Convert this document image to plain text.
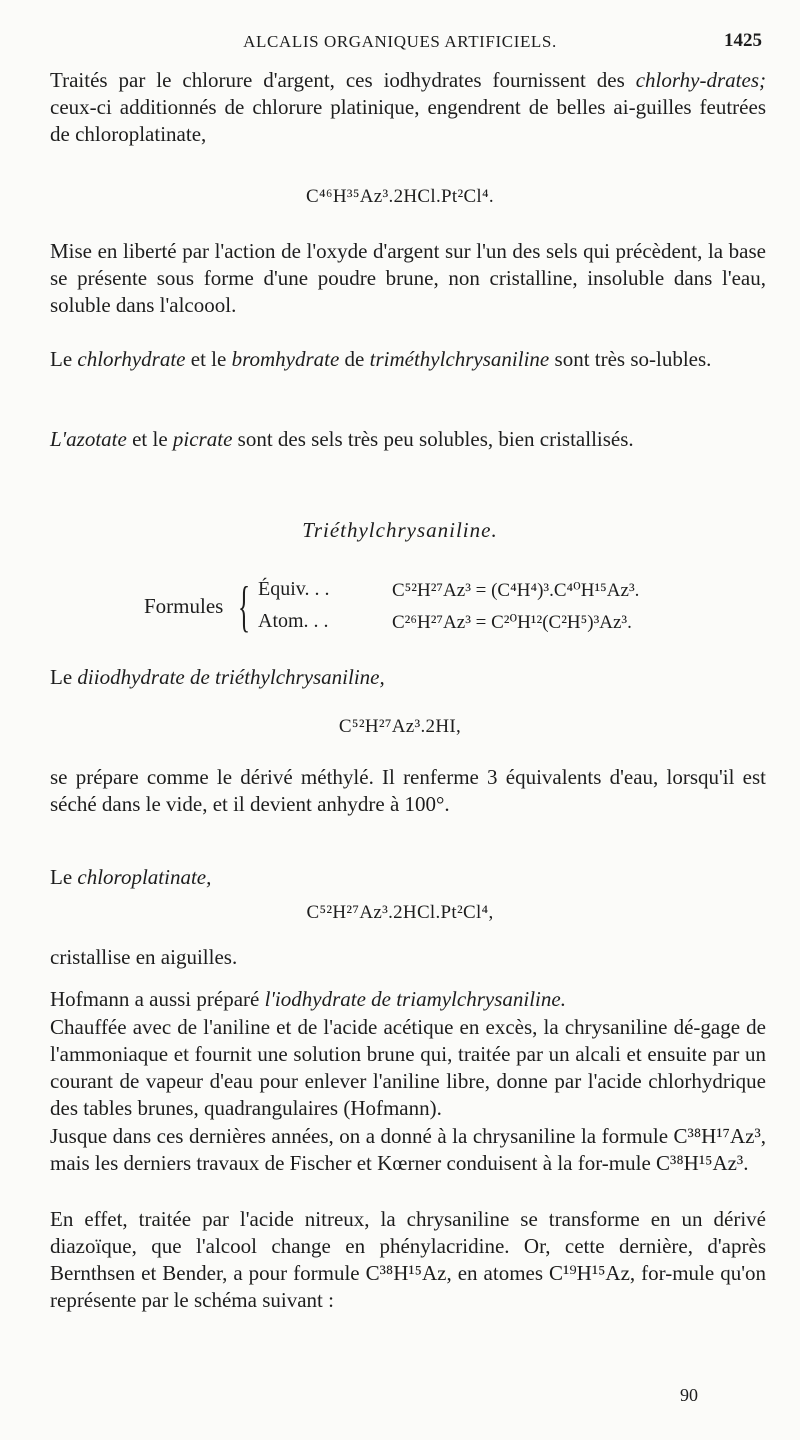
ALCALIS ORGANIQUES ARTIFICIELS.	1425
Traités par le chlorure d'argent, ces iodhydrates fournissent des chlorhy-drates; ceux-ci additionnés de chlorure platinique, engendrent de belles ai-guilles feutrées de chloroplatinate,
C⁴⁶H³⁵Az³.2HCl.Pt²Cl⁴.
Mise en liberté par l'action de l'oxyde d'argent sur l'un des sels qui précèdent, la base se présente sous forme d'une poudre brune, non cristalline, insoluble dans l'eau, soluble dans l'alcoool.
Le chlorhydrate et le bromhydrate de triméthylchrysaniline sont très so-lubles.
L'azotate et le picrate sont des sels très peu solubles, bien cristallisés.
Triéthylchrysaniline.
Formules { Équiv. . .	C⁵²H²⁷Az³ = (C⁴H⁴)³.C⁴⁰H¹⁵Az³.
Atom. . .	C²⁶H²⁷Az³ = C²⁰H¹²(C²H⁵)³Az³.
Le diiodhydrate de triéthylchrysaniline,
C⁵²H²⁷Az³.2HI,
se prépare comme le dérivé méthylé. Il renferme 3 équivalents d'eau, lorsqu'il est séché dans le vide, et il devient anhydre à 100°.
Le chloroplatinate,
C⁵²H²⁷Az³.2HCl.Pt²Cl⁴,
cristallise en aiguilles.
Hofmann a aussi préparé l'iodhydrate de triamylchrysaniline.
Chauffée avec de l'aniline et de l'acide acétique en excès, la chrysaniline dé-gage de l'ammoniaque et fournit une solution brune qui, traitée par un alcali et ensuite par un courant de vapeur d'eau pour enlever l'aniline libre, donne par l'acide chlorhydrique des tables brunes, quadrangulaires (Hofmann).
Jusque dans ces dernières années, on a donné à la chrysaniline la formule C³⁸H¹⁷Az³, mais les derniers travaux de Fischer et Kœrner conduisent à la for-mule C³⁸H¹⁵Az³.
En effet, traitée par l'acide nitreux, la chrysaniline se transforme en un dérivé diazoïque, que l'alcool change en phénylacridine. Or, cette dernière, d'après Bernthsen et Bender, a pour formule C³⁸H¹⁵Az, en atomes C¹⁹H¹⁵Az, for-mule qu'on représente par le schéma suivant :
90
